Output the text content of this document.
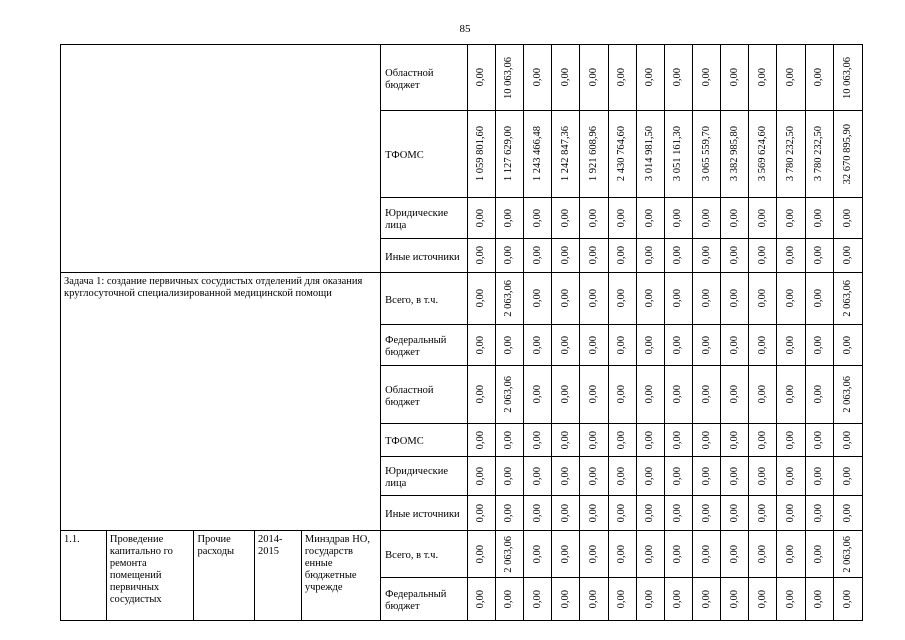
85

					Областной бюджет	0,00	10 063,06	0,00	0,00	0,00	0,00	0,00	0,00	0,00	0,00	0,00	0,00	0,00	10 063,06

					ТФОМС	1 059 801,60	1 127 629,00	1 243 466,48	1 242 847,36	1 921 608,96	2 430 764,60	3 014 981,50	3 051 161,30	3 065 559,70	3 382 985,80	3 569 624,60	3 780 232,50	3 780 232,50	32 670 895,90

					Юридические лица	0,00	0,00	0,00	0,00	0,00	0,00	0,00	0,00	0,00	0,00	0,00	0,00	0,00	0,00

					Иные источники	0,00	0,00	0,00	0,00	0,00	0,00	0,00	0,00	0,00	0,00	0,00	0,00	0,00	0,00

Задача 1: создание первичных сосудистых отделений для оказания круглосуточной специализированной медицинской помощи					Всего, в т.ч.	0,00	2 063,06	0,00	0,00	0,00	0,00	0,00	0,00	0,00	0,00	0,00	0,00	0,00	2 063,06

					Федеральный бюджет	0,00	0,00	0,00	0,00	0,00	0,00	0,00	0,00	0,00	0,00	0,00	0,00	0,00	0,00

					Областной бюджет	0,00	2 063,06	0,00	0,00	0,00	0,00	0,00	0,00	0,00	0,00	0,00	0,00	0,00	2 063,06

					ТФОМС	0,00	0,00	0,00	0,00	0,00	0,00	0,00	0,00	0,00	0,00	0,00	0,00	0,00	0,00

					Юридические лица	0,00	0,00	0,00	0,00	0,00	0,00	0,00	0,00	0,00	0,00	0,00	0,00	0,00	0,00

					Иные источники	0,00	0,00	0,00	0,00	0,00	0,00	0,00	0,00	0,00	0,00	0,00	0,00	0,00	0,00

1.1.	Проведение капитально го ремонта помещений первичных сосудистых	Прочие расходы	2014-2015	Минздрав НО, государств енные бюджетные учрежде	Всего, в т.ч.	0,00	2 063,06	0,00	0,00	0,00	0,00	0,00	0,00	0,00	0,00	0,00	0,00	0,00	2 063,06

					Федеральный бюджет	0,00	0,00	0,00	0,00	0,00	0,00	0,00	0,00	0,00	0,00	0,00	0,00	0,00	0,00
